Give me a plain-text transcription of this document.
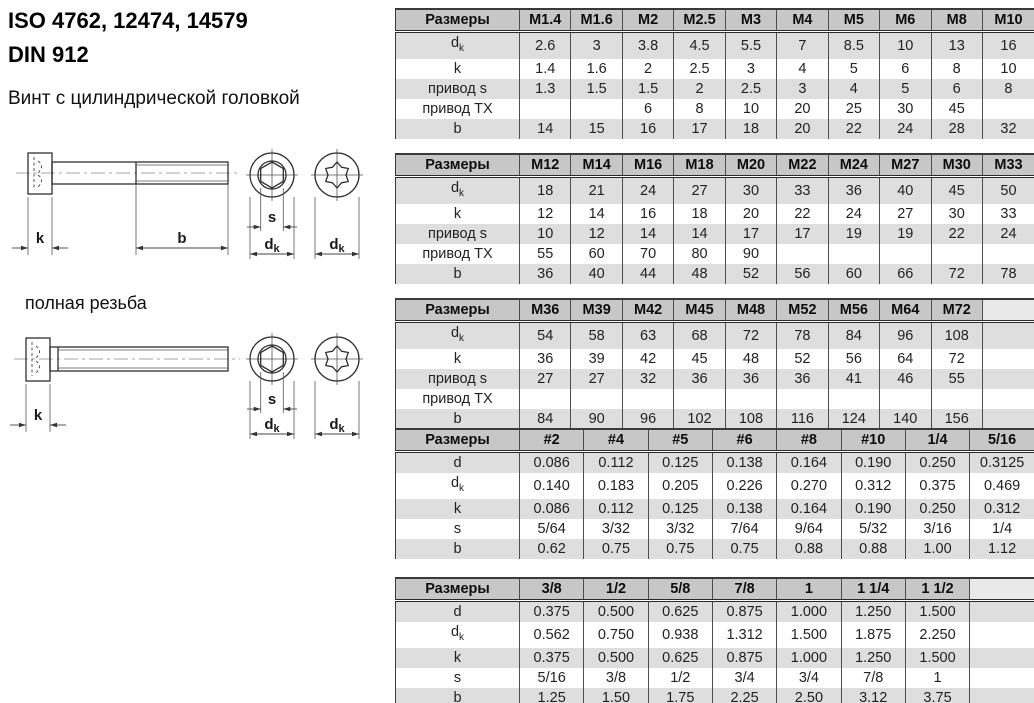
ISO 4762, 12474, 14579
DIN 912
Винт с цилиндрической головкой
k	b
s
$d_k$	$d_k$
полная резьба
k
s
$d_k$	$d_k$
Размеры	M1.4	M1.6	M2	M2.5	M3	M4	M5	M6	M8	M10
$d_k$	2.6	3	3.8	4.5	5.5	7	8.5	10	13	16
k	1.4	1.6	2	2.5	3	4	5	6	8	10
привод s	1.3	1.5	1.5	2	2.5	3	4	5	6	8
привод TX			6	8	10	20	25	30	45	
b	14	15	16	17	18	20	22	24	28	32
Размеры	M12	M14	M16	M18	M20	M22	M24	M27	M30	M33
$d_k$	18	21	24	27	30	33	36	40	45	50
k	12	14	16	18	20	22	24	27	30	33
привод s	10	12	14	14	17	17	19	19	22	24
привод TX	55	60	70	80	90					
b	36	40	44	48	52	56	60	66	72	78
Размеры	M36	M39	M42	M45	M48	M52	M56	M64	M72	
$d_k$	54	58	63	68	72	78	84	96	108	
k	36	39	42	45	48	52	56	64	72	
привод s	27	27	32	36	36	36	41	46	55	
привод TX										
b	84	90	96	102	108	116	124	140	156	
Размеры	#2	#4	#5	#6	#8	#10	1/4	5/16
d	0.086	0.112	0.125	0.138	0.164	0.190	0.250	0.3125
$d_k$	0.140	0.183	0.205	0.226	0.270	0.312	0.375	0.469
k	0.086	0.112	0.125	0.138	0.164	0.190	0.250	0.312
s	5/64	3/32	3/32	7/64	9/64	5/32	3/16	1/4
b	0.62	0.75	0.75	0.75	0.88	0.88	1.00	1.12
Размеры	3/8	1/2	5/8	7/8	1	1 1/4	1 1/2	
d	0.375	0.500	0.625	0.875	1.000	1.250	1.500	
$d_k$	0.562	0.750	0.938	1.312	1.500	1.875	2.250	
k	0.375	0.500	0.625	0.875	1.000	1.250	1.500	
s	5/16	3/8	1/2	3/4	3/4	7/8	1	
b	1.25	1.50	1.75	2.25	2.50	3.12	3.75	
